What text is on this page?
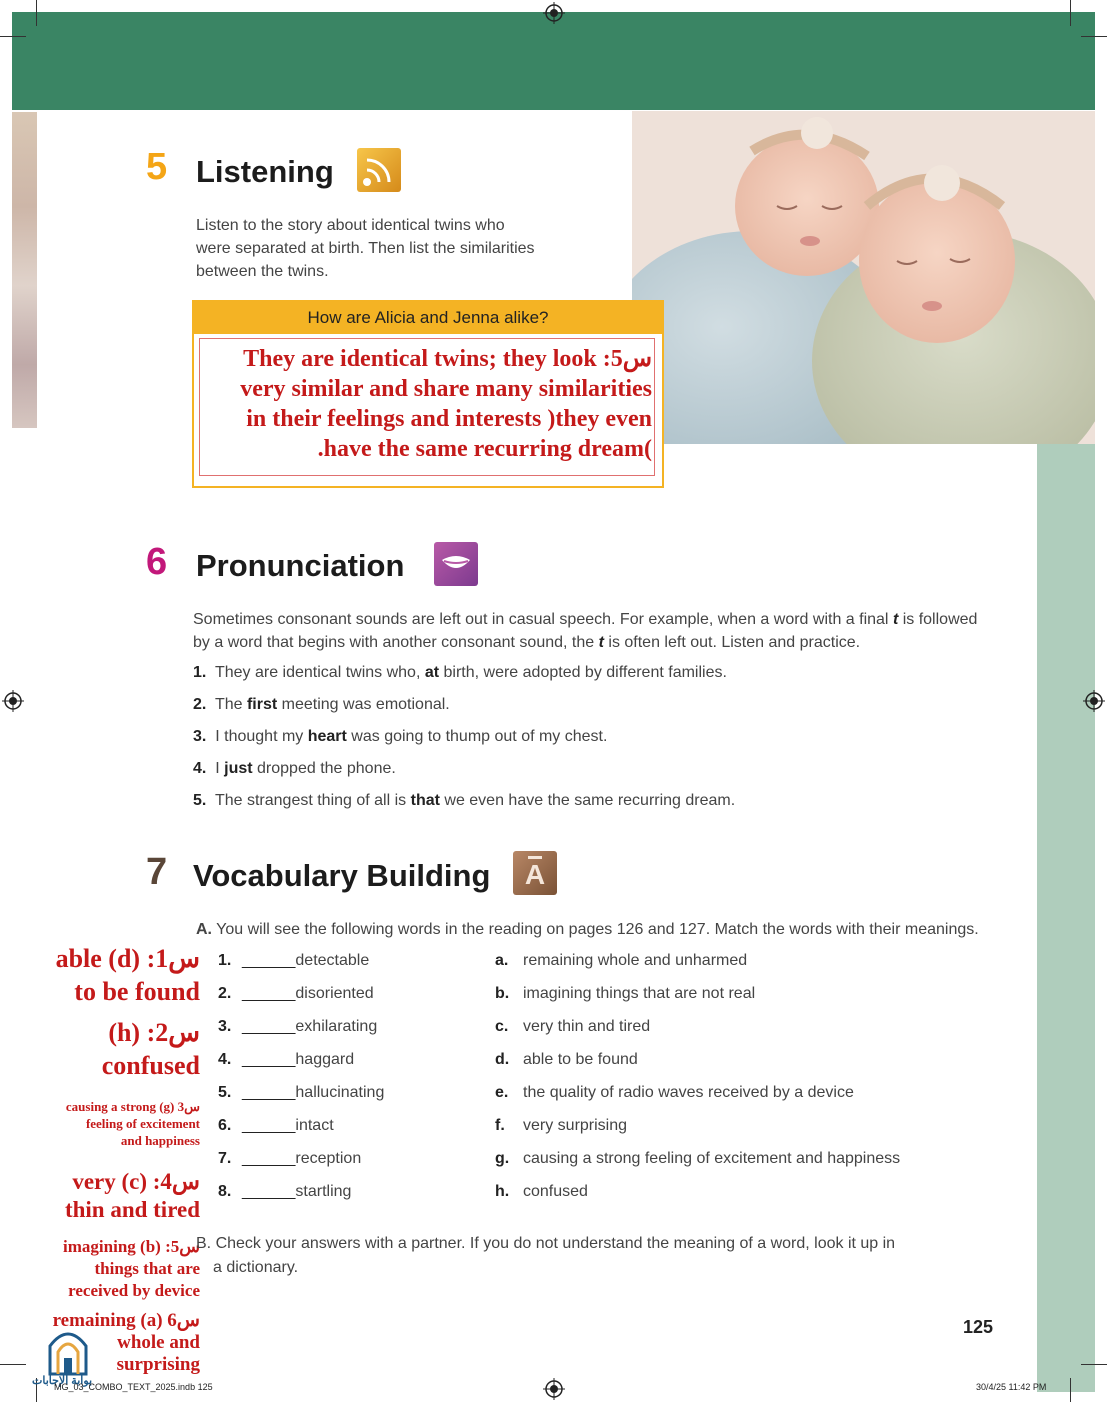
5 Listening
Listen to the story about identical twins who
were separated at birth. Then list the similarities
between the twins.
How are Alicia and Jenna alike?
They are identical twins; they look :5س
very similar and share many similarities
in their feelings and interests )they even
.have the same recurring dream(
6 Pronunciation
Sometimes consonant sounds are left out in casual speech. For example, when a word with a final t is followed
by a word that begins with another consonant sound, the t is often left out. Listen and practice.
1. They are identical twins who, at birth, were adopted by different families.
2. The first meeting was emotional.
3. I thought my heart was going to thump out of my chest.
4. I just dropped the phone.
5. The strangest thing of all is that we even have the same recurring dream.
7 Vocabulary Building A
A. You will see the following words in the reading on pages 126 and 127. Match the words with their meanings.
1. ______detectable
2. ______disoriented
3. ______exhilarating
4. ______haggard
5. ______hallucinating
6. ______intact
7. ______reception
8. ______startling
a. remaining whole and unharmed
b. imagining things that are not real
c. very thin and tired
d. able to be found
e. the quality of radio waves received by a device
f. very surprising
g. causing a strong feeling of excitement and happiness
h. confused
able (d) :1س
to be found
(h) :2س
confused
causing a strong (g) 3س
feeling of excitement
and happiness
very (c) :4س
thin and tired
imagining (b) :5س
things that are
received by device
remaining (a) 6س
whole and
surprising
B. Check your answers with a partner. If you do not understand the meaning of a word, look it up in
a dictionary.
125
بوابة الإجابات
MG_03_COMBO_TEXT_2025.indb 125	30/4/25 11:42 PM
